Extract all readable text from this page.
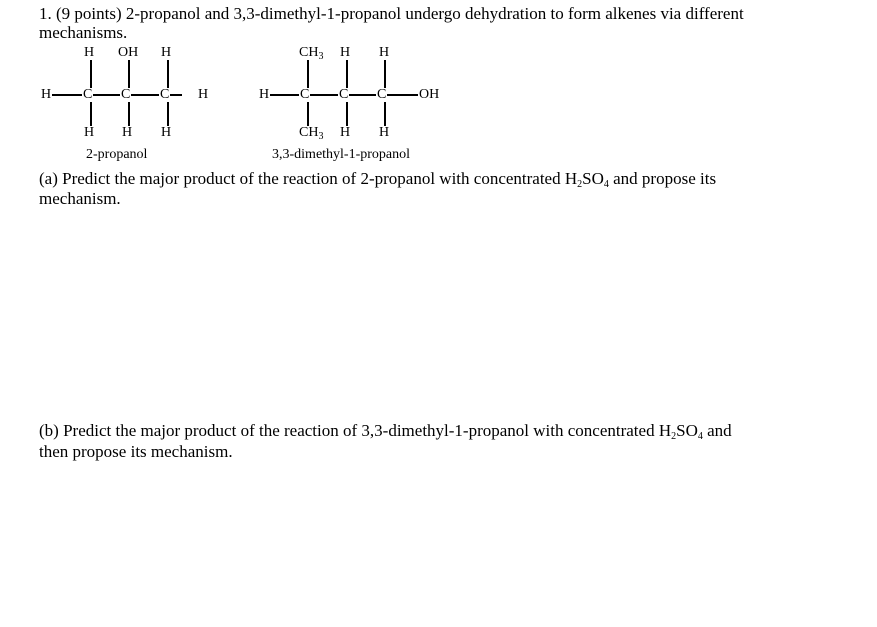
1. (9 points) 2-propanol and 3,3-dimethyl-1-propanol undergo dehydration to form alkenes via different
mechanisms.
H OH H
H C C C H
H H H
2-propanol
$CH_3$ H H
H C C C OH
$CH_3$ H H
3,3-dimethyl-1-propanol
(a) Predict the major product of the reaction of 2-propanol with concentrated $H_2SO_4$ and propose its
mechanism.
(b) Predict the major product of the reaction of 3,3-dimethyl-1-propanol with concentrated $H_2SO_4$ and
then propose its mechanism.
